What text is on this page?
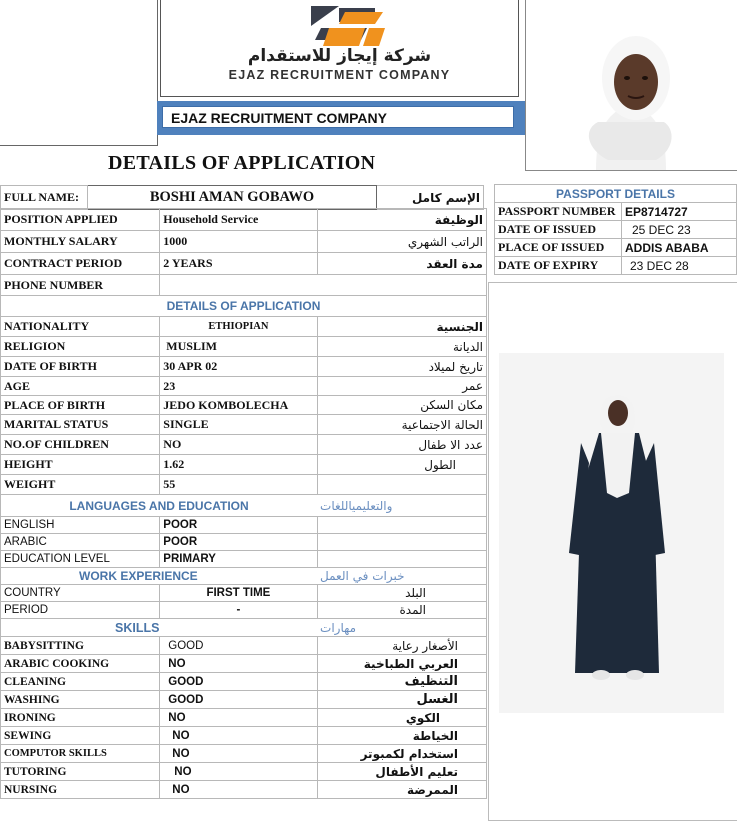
شركة إيجاز للاستقدام
EJAZ RECRUITMENT COMPANY
EJAZ RECRUITMENT COMPANY
DETAILS OF APPLICATION
FULL NAME:	BOSHI AMAN GOBAWO	الإسم كامل
POSITION APPLIED	Household Service	الوظيفة
MONTHLY SALARY	1000	الراتب الشهري
CONTRACT PERIOD	2 YEARS	مدة العقد
PHONE NUMBER		
DETAILS OF APPLICATION		
NATIONALITY	ETHIOPIAN	الجنسية
RELIGION	MUSLIM	الديانة
DATE OF BIRTH	30 APR 02	تاريخ لميلاد
AGE	23	عمر
PLACE OF BIRTH	JEDO KOMBOLECHA	مكان السكن
MARITAL STATUS	SINGLE	الحالة الاجتماعية
NO.OF CHILDREN	NO	عدد الا طفال
HEIGHT	1.62	الطول
WEIGHT	55	
LANGUAGES AND EDUCATION		والتعليمياللغات
ENGLISH	POOR	
ARABIC	POOR	
EDUCATION LEVEL	PRIMARY	
WORK EXPERIENCE		خبرات في العمل
COUNTRY	FIRST TIME	البلد
PERIOD	-	المدة
SKILLS		مهارات
BABYSITTING	GOOD	الأصغار رعاية
ARABIC COOKING	NO	العربي الطباخية
CLEANING	GOOD	التنظيف
WASHING	GOOD	الغسل
IRONING	NO	الكوي
SEWING	NO	الخياطة
COMPUTOR SKILLS	NO	استخدام لكمبوتر
TUTORING	NO	تعليم الأطفال
NURSING	NO	الممرضة
PASSPORT DETAILS	
PASSPORT NUMBER	EP8714727
DATE OF ISSUED	25 DEC 23
PLACE OF ISSUED	ADDIS ABABA
DATE OF EXPIRY	23 DEC 28
